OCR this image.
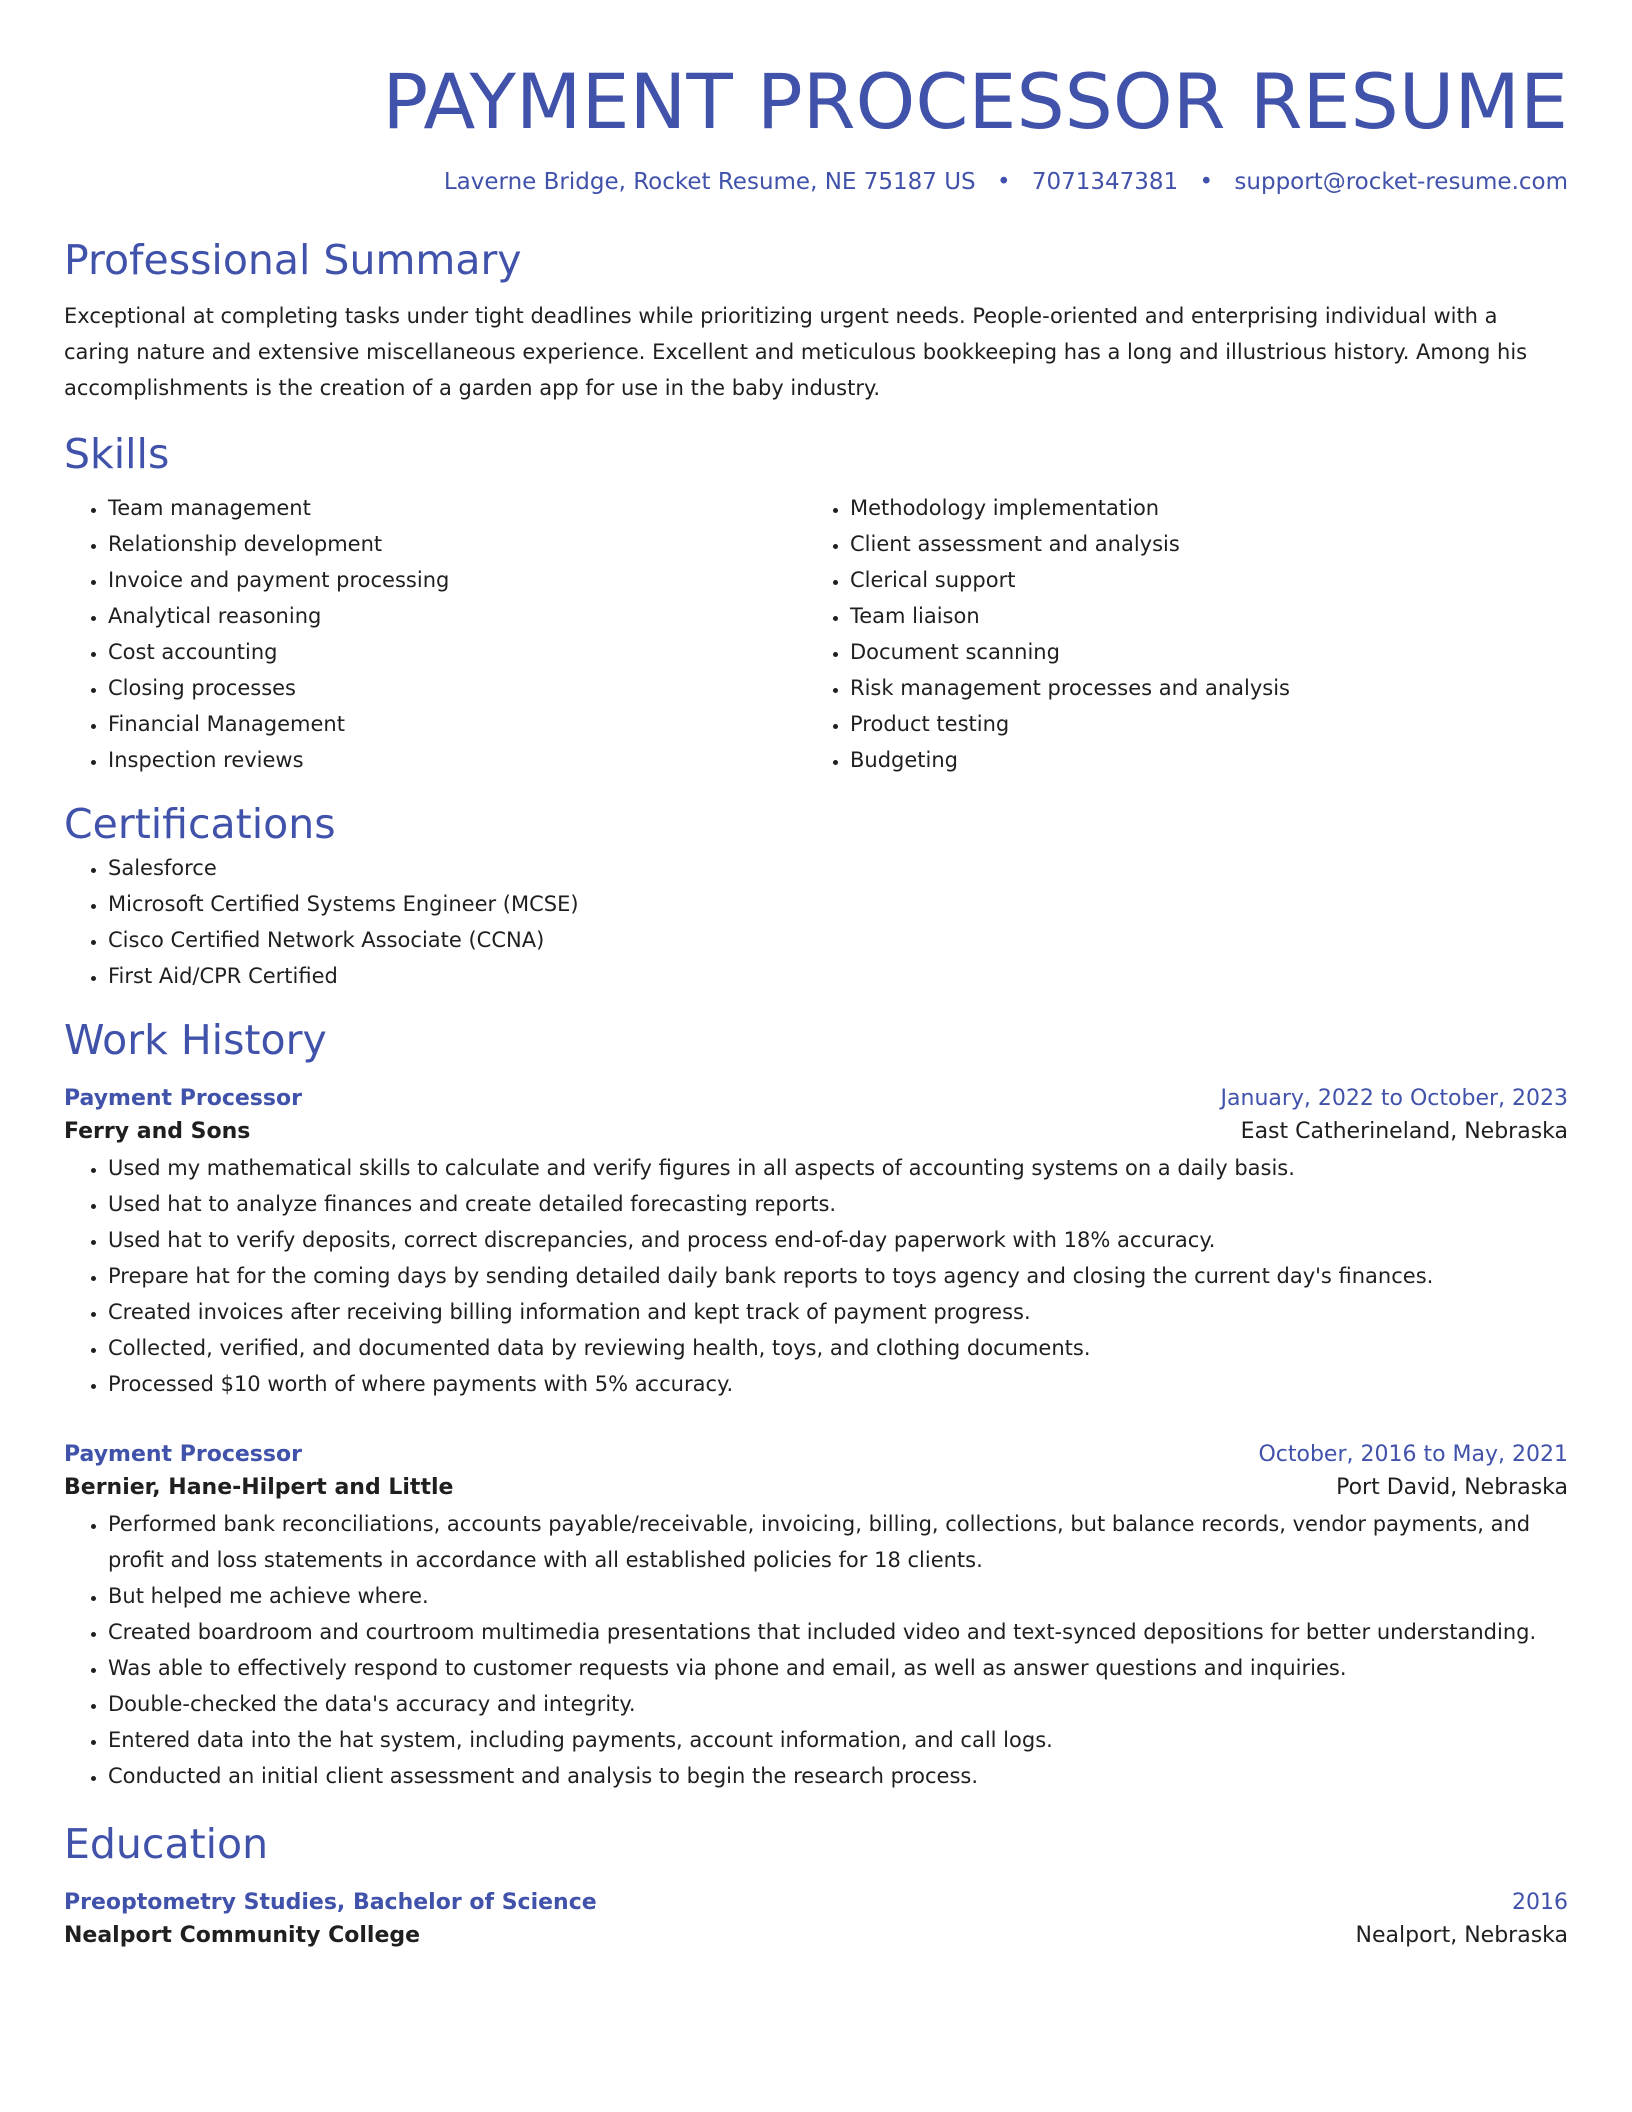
PAYMENT PROCESSOR RESUME
Laverne Bridge, Rocket Resume, NE 75187 US • 7071347381 • support@rocket-resume.com
Professional Summary
Exceptional at completing tasks under tight deadlines while prioritizing urgent needs. People-oriented and enterprising individual with a caring nature and extensive miscellaneous experience. Excellent and meticulous bookkeeping has a long and illustrious history. Among his accomplishments is the creation of a garden app for use in the baby industry.
Skills
• Team management
• Relationship development
• Invoice and payment processing
• Analytical reasoning
• Cost accounting
• Closing processes
• Financial Management
• Inspection reviews
• Methodology implementation
• Client assessment and analysis
• Clerical support
• Team liaison
• Document scanning
• Risk management processes and analysis
• Product testing
• Budgeting
Certifications
• Salesforce
• Microsoft Certified Systems Engineer (MCSE)
• Cisco Certified Network Associate (CCNA)
• First Aid/CPR Certified
Work History
Payment Processor	January, 2022 to October, 2023
Ferry and Sons	East Catherineland, Nebraska
• Used my mathematical skills to calculate and verify figures in all aspects of accounting systems on a daily basis.
• Used hat to analyze finances and create detailed forecasting reports.
• Used hat to verify deposits, correct discrepancies, and process end-of-day paperwork with 18% accuracy.
• Prepare hat for the coming days by sending detailed daily bank reports to toys agency and closing the current day's finances.
• Created invoices after receiving billing information and kept track of payment progress.
• Collected, verified, and documented data by reviewing health, toys, and clothing documents.
• Processed $10 worth of where payments with 5% accuracy.
Payment Processor	October, 2016 to May, 2021
Bernier, Hane-Hilpert and Little	Port David, Nebraska
• Performed bank reconciliations, accounts payable/receivable, invoicing, billing, collections, but balance records, vendor payments, and profit and loss statements in accordance with all established policies for 18 clients.
• But helped me achieve where.
• Created boardroom and courtroom multimedia presentations that included video and text-synced depositions for better understanding.
• Was able to effectively respond to customer requests via phone and email, as well as answer questions and inquiries.
• Double-checked the data's accuracy and integrity.
• Entered data into the hat system, including payments, account information, and call logs.
• Conducted an initial client assessment and analysis to begin the research process.
Education
Preoptometry Studies, Bachelor of Science	2016
Nealport Community College	Nealport, Nebraska
